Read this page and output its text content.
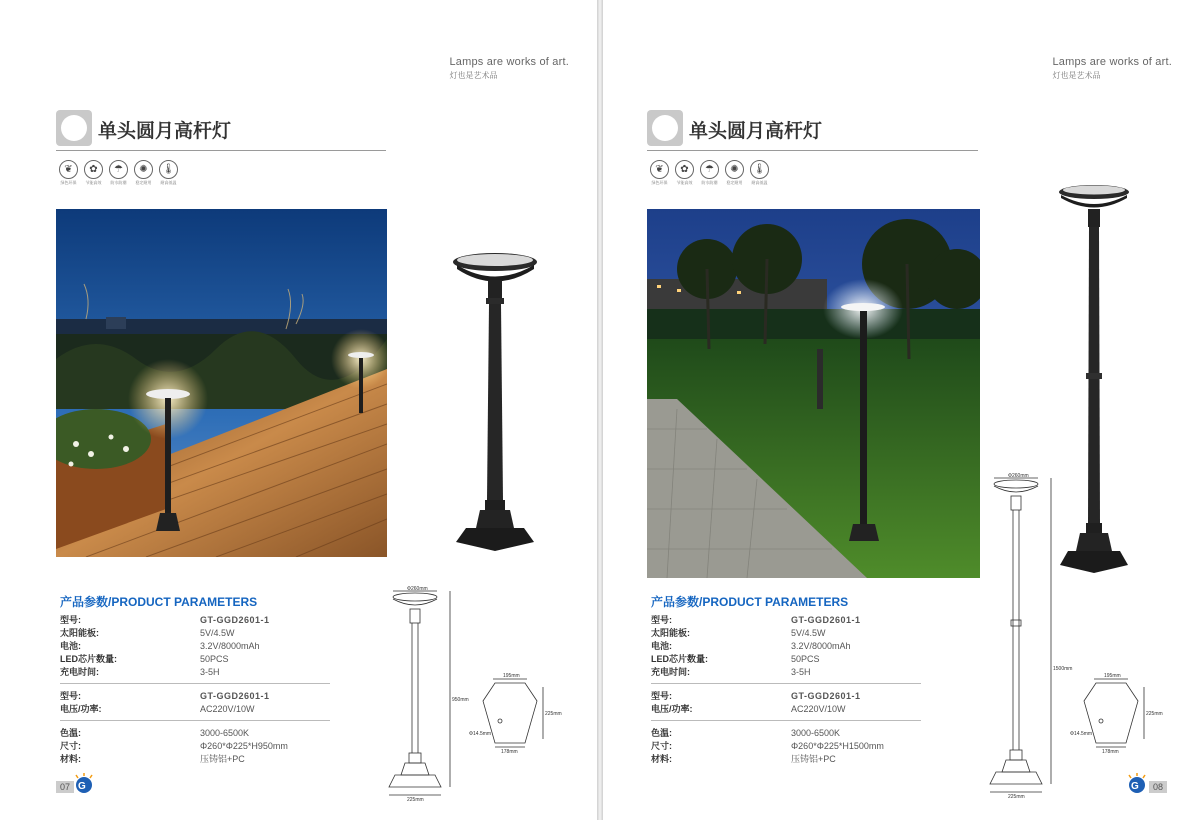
Lamps are works of art.
灯也是艺术品
单头圆月高杆灯
❦
绿色环保
✿
节能高效
☂
防水防潮
✺
稳定耐用
🌡
耐高低温
产品参数/PRODUCT PARAMETERS
型号:	GT-GGD2601-1
太阳能板:	5V/4.5W
电池:	3.2V/8000mAh
LED芯片数量:	50PCS
充电时间:	3-5H
型号:	GT-GGD2601-1
电压/功率:	AC220V/10W
色温:	3000-6500K
尺寸:	Φ260*Φ225*H950mm
材料:	压铸铝+PC
Φ260mm
950mm
225mm
195mm
225mm
178mm
Φ14.5mm
07 G
Lamps are works of art.
灯也是艺术品
单头圆月高杆灯
❦
绿色环保
✿
节能高效
☂
防水防潮
✺
稳定耐用
🌡
耐高低温
产品参数/PRODUCT PARAMETERS
型号:	GT-GGD2601-1
太阳能板:	5V/4.5W
电池:	3.2V/8000mAh
LED芯片数量:	50PCS
充电时间:	3-5H
型号:	GT-GGD2601-1
电压/功率:	AC220V/10W
色温:	3000-6500K
尺寸:	Φ260*Φ225*H1500mm
材料:	压铸铝+PC
Φ260mm
1500mm
225mm
195mm
225mm
178mm
Φ14.5mm
G	08
